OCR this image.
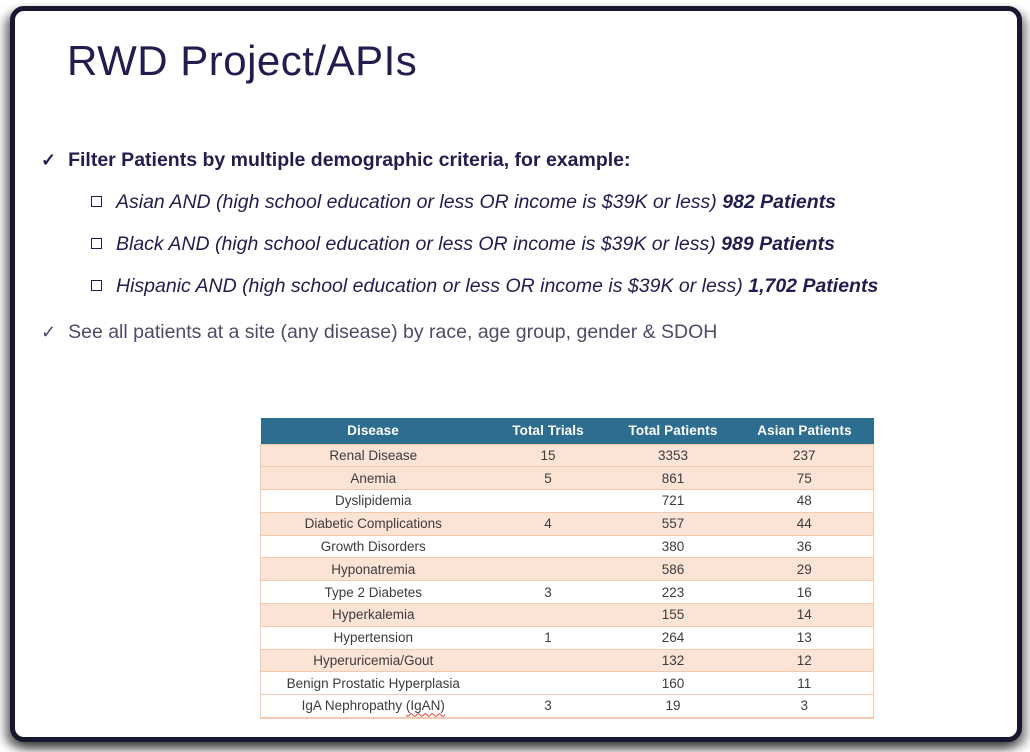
RWD Project/APIs
✓ Filter Patients by multiple demographic criteria, for example:
Asian AND (high school education or less OR income is $39K or less) 982 Patients
Black AND (high school education or less OR income is $39K or less) 989 Patients
Hispanic AND (high school education or less OR income is $39K or less) 1,702 Patients
✓ See all patients at a site (any disease) by race, age group, gender & SDOH
Disease	Total Trials	Total Patients	Asian Patients
Renal Disease	15	3353	237
Anemia	5	861	75
Dyslipidemia		721	48
Diabetic Complications	4	557	44
Growth Disorders		380	36
Hyponatremia		586	29
Type 2 Diabetes	3	223	16
Hyperkalemia		155	14
Hypertension	1	264	13
Hyperuricemia/Gout		132	12
Benign Prostatic Hyperplasia		160	11
IgA Nephropathy (IgAN)	3	19	3
